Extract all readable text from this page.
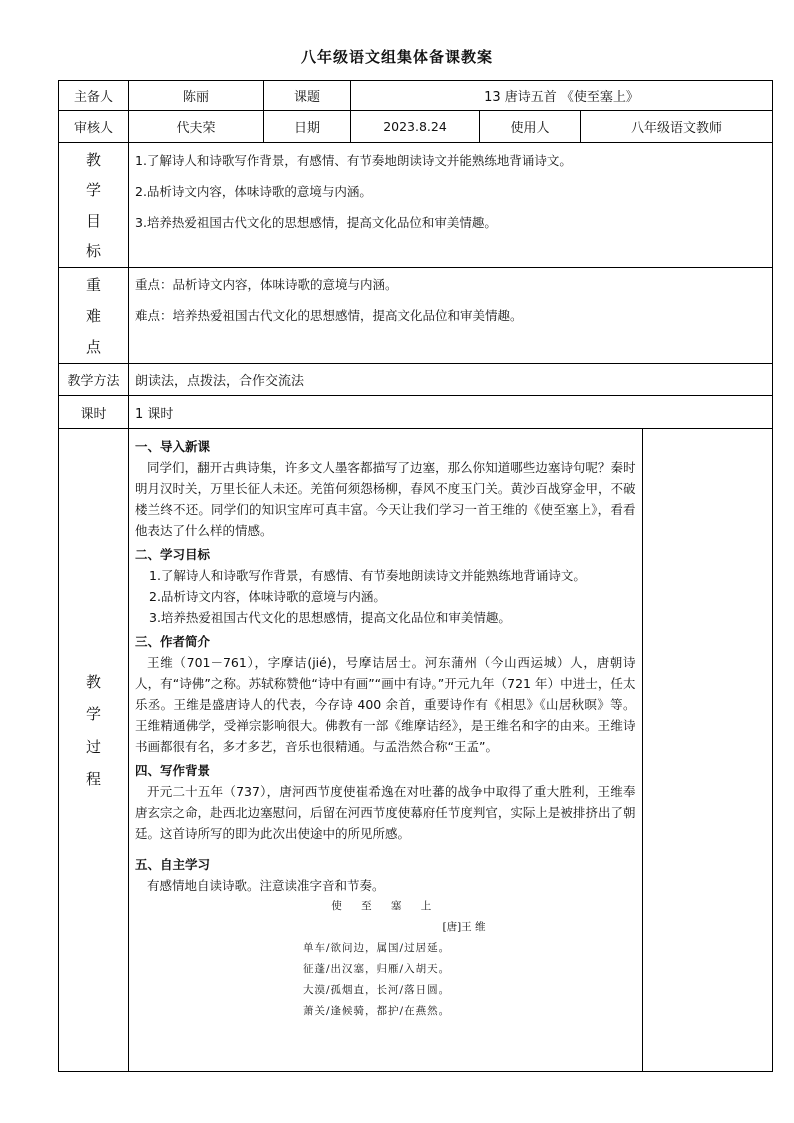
八年级语文组集体备课教案
主备人	陈丽	课题	13 唐诗五首 《使至塞上》
审核人	代夫荣	日期	2023.8.24	使用人	八年级语文教师

教
学
目
标

1.了解诗人和诗歌写作背景，有感情、有节奏地朗读诗文并能熟练地背诵诗文。
2.品析诗文内容，体味诗歌的意境与内涵。
3.培养热爱祖国古代文化的思想感情，提高文化品位和审美情趣。

重
难
点

重点：品析诗文内容，体味诗歌的意境与内涵。
难点：培养热爱祖国古代文化的思想感情，提高文化品位和审美情趣。

教学方法	朗读法，点拨法，合作交流法
课时	1 课时

教
学
过
程

一、导入新课
同学们，翻开古典诗集，许多文人墨客都描写了边塞，那么你知道哪些边塞诗句呢？秦时明月汉时关，万里长征人未还。羌笛何须怨杨柳，春风不度玉门关。黄沙百战穿金甲，不破楼兰终不还。同学们的知识宝库可真丰富。今天让我们学习一首王维的《使至塞上》，看看他表达了什么样的情感。
二、学习目标
1.了解诗人和诗歌写作背景，有感情、有节奏地朗读诗文并能熟练地背诵诗文。
2.品析诗文内容，体味诗歌的意境与内涵。
3.培养热爱祖国古代文化的思想感情，提高文化品位和审美情趣。
三、作者简介
王维（701－761），字摩诘(jié)，号摩诘居士。河东蒲州（今山西运城）人，唐朝诗人，有“诗佛”之称。苏轼称赞他“诗中有画”“画中有诗。”开元九年（721 年）中进士，任太乐丞。王维是盛唐诗人的代表，今存诗 400 余首，重要诗作有《相思》《山居秋暝》等。王维精通佛学，受禅宗影响很大。佛教有一部《维摩诘经》，是王维名和字的由来。王维诗书画都很有名，多才多艺，音乐也很精通。与孟浩然合称“王孟”。
四、写作背景
开元二十五年（737），唐河西节度使崔希逸在对吐蕃的战争中取得了重大胜利，王维奉唐玄宗之命，赴西北边塞慰问，后留在河西节度使幕府任节度判官，实际上是被排挤出了朝廷。这首诗所写的即为此次出使途中的所见所感。
五、自主学习
有感情地自读诗歌。注意读准字音和节奏。
使 至 塞 上
[唐]王 维
单车/欲问边，属国/过居延。
征蓬/出汉塞，归雁/入胡天。
大漠/孤烟直，长河/落日圆。
萧关/逢候骑，都护/在燕然。
